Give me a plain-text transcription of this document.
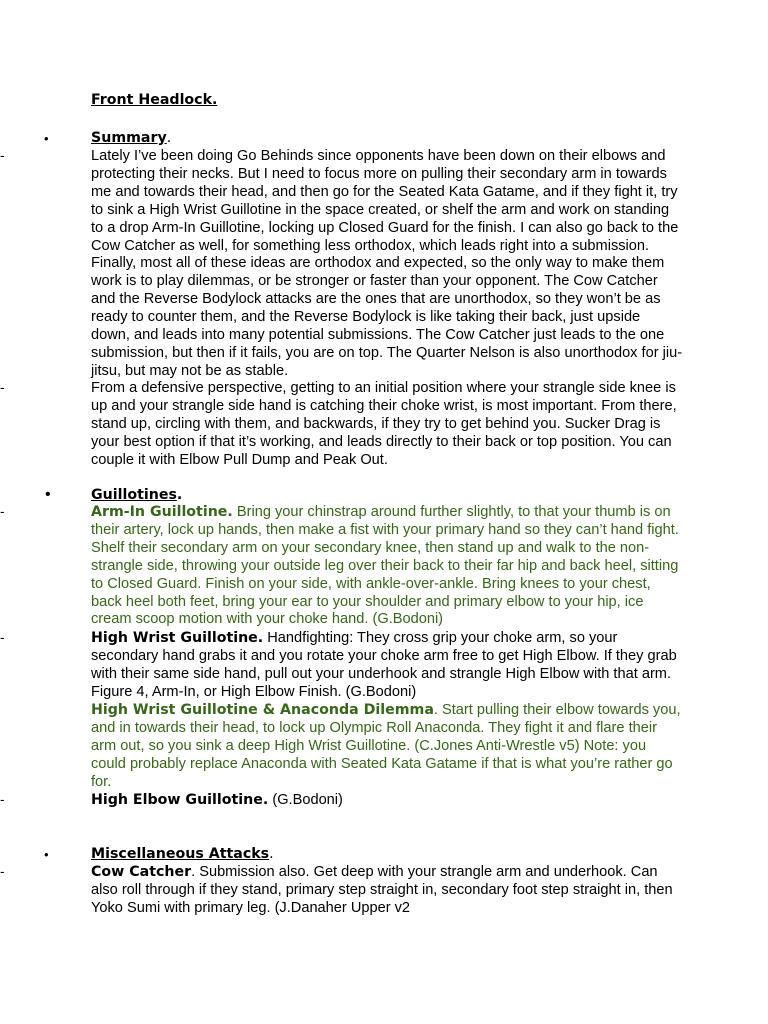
Front Headlock.
•	Summary.
-	Lately I’ve been doing Go Behinds since opponents have been down on their elbows and protecting their necks. But I need to focus more on pulling their secondary arm in towards me and towards their head, and then go for the Seated Kata Gatame, and if they fight it, try to sink a High Wrist Guillotine in the space created, or shelf the arm and work on standing to a drop Arm-In Guillotine, locking up Closed Guard for the finish. I can also go back to the Cow Catcher as well, for something less orthodox, which leads right into a submission. Finally, most all of these ideas are orthodox and expected, so the only way to make them work is to play dilemmas, or be stronger or faster than your opponent. The Cow Catcher and the Reverse Bodylock attacks are the ones that are unorthodox, so they won’t be as ready to counter them, and the Reverse Bodylock is like taking their back, just upside down, and leads into many potential submissions. The Cow Catcher just leads to the one submission, but then if it fails, you are on top. The Quarter Nelson is also unorthodox for jiu-jitsu, but may not be as stable.
-	From a defensive perspective, getting to an initial position where your strangle side knee is up and your strangle side hand is catching their choke wrist, is most important. From there, stand up, circling with them, and backwards, if they try to get behind you. Sucker Drag is your best option if that it’s working, and leads directly to their back or top position. You can couple it with Elbow Pull Dump and Peak Out.
•	Guillotines.
-	Arm-In Guillotine. Bring your chinstrap around further slightly, to that your thumb is on their artery, lock up hands, then make a fist with your primary hand so they can’t hand fight. Shelf their secondary arm on your secondary knee, then stand up and walk to the non-strangle side, throwing your outside leg over their back to their far hip and back heel, sitting to Closed Guard. Finish on your side, with ankle-over-ankle. Bring knees to your chest, back heel both feet, bring your ear to your shoulder and primary elbow to your hip, ice cream scoop motion with your choke hand. (G.Bodoni)
-	High Wrist Guillotine. Handfighting: They cross grip your choke arm, so your secondary hand grabs it and you rotate your choke arm free to get High Elbow. If they grab with their same side hand, pull out your underhook and strangle High Elbow with that arm. Figure 4, Arm-In, or High Elbow Finish. (G.Bodoni)
High Wrist Guillotine & Anaconda Dilemma. Start pulling their elbow towards you, and in towards their head, to lock up Olympic Roll Anaconda. They fight it and flare their arm out, so you sink a deep High Wrist Guillotine. (C.Jones Anti-Wrestle v5) Note: you could probably replace Anaconda with Seated Kata Gatame if that is what you’re rather go for.
-	High Elbow Guillotine. (G.Bodoni)
•	Miscellaneous Attacks.
-	Cow Catcher. Submission also. Get deep with your strangle arm and underhook. Can also roll through if they stand, primary step straight in, secondary foot step straight in, then Yoko Sumi with primary leg. (J.Danaher Upper v2
